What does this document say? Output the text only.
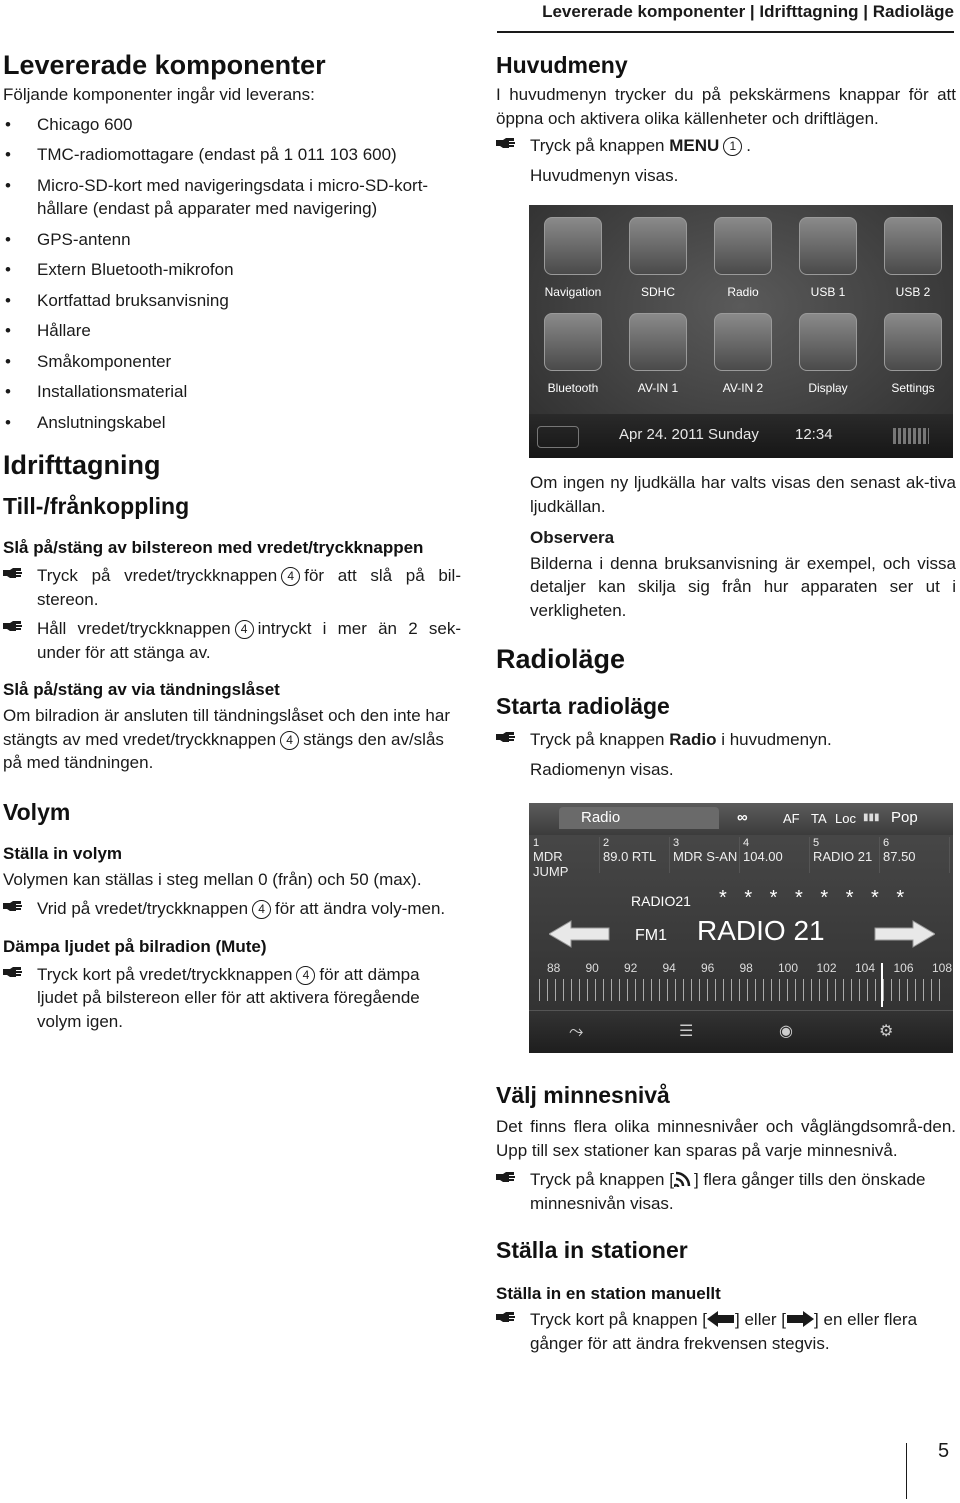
Levererade komponenter | Idrifttagning | Radioläge
Levererade komponenter
Följande komponenter ingår vid leverans:
• Chicago 600
• TMC-radiomottagare (endast på 1 011 103 600)
• Micro-SD-kort med navigeringsdata i micro-SD-kort-hållare (endast på apparater med navigering)
• GPS-antenn
• Extern Bluetooth-mikrofon
• Kortfattad bruksanvisning
• Hållare
• Småkomponenter
• Installationsmaterial
• Anslutningskabel
Idrifttagning
Till-/frånkoppling
Slå på/stäng av bilstereon med vredet/tryckknappen
Tryck på vredet/tryckknappen 4 för att slå på bil-stereon.
Håll vredet/tryckknappen 4 intryckt i mer än 2 sek-under för att stänga av.
Slå på/stäng av via tändningslåset
Om bilradion är ansluten till tändningslåset och den inte har stängts av med vredet/tryckknappen 4 stängs den av/slås på med tändningen.
Volym
Ställa in volym
Volymen kan ställas i steg mellan 0 (från) och 50 (max).
Vrid på vredet/tryckknappen 4 för att ändra voly-men.
Dämpa ljudet på bilradion (Mute)
Tryck kort på vredet/tryckknappen 4 för att dämpa ljudet på bilstereon eller för att aktivera föregående volym igen.
Huvudmeny
I huvudmenyn trycker du på pekskärmens knappar för att öppna och aktivera olika källenheter och driftlägen.
Tryck på knappen MENU 1 .
Huvudmenyn visas.
Navigation	SDHC	Radio	USB 1	USB 2
Bluetooth	AV-IN 1	AV-IN 2	Display	Settings
Apr 24. 2011 Sunday 12:34
Om ingen ny ljudkälla har valts visas den senast ak-tiva ljudkällan.
Observera
Bilderna i denna bruksanvisning är exempel, och vissa detaljer kan skilja sig från hur apparaten ser ut i verkligheten.
Radioläge
Starta radioläge
Tryck på knappen Radio i huvudmenyn.
Radiomenyn visas.
Radio	∞	AF TA Loc ▮▮▮ Pop
1
MDR JUMP
2
89.0 RTL
3
MDR S-AN
4
104.00
5
RADIO 21
6
87.50
RADIO21 * * * * * * * *
FM1 RADIO 21
88 90 92 94 96 98 100 102 104 106 108
⤳	☰	◉	⚙
Välj minnesnivå
Det finns flera olika minnesnivåer och våglängdsområ-den. Upp till sex stationer kan sparas på varje minnesnivå.
Tryck på knappen [ ] flera gånger tills den önskade minnesnivån visas.
Ställa in stationer
Ställa in en station manuellt
Tryck kort på knappen [ ] eller [ ] en eller flera gånger för att ändra frekvensen stegvis.
5
